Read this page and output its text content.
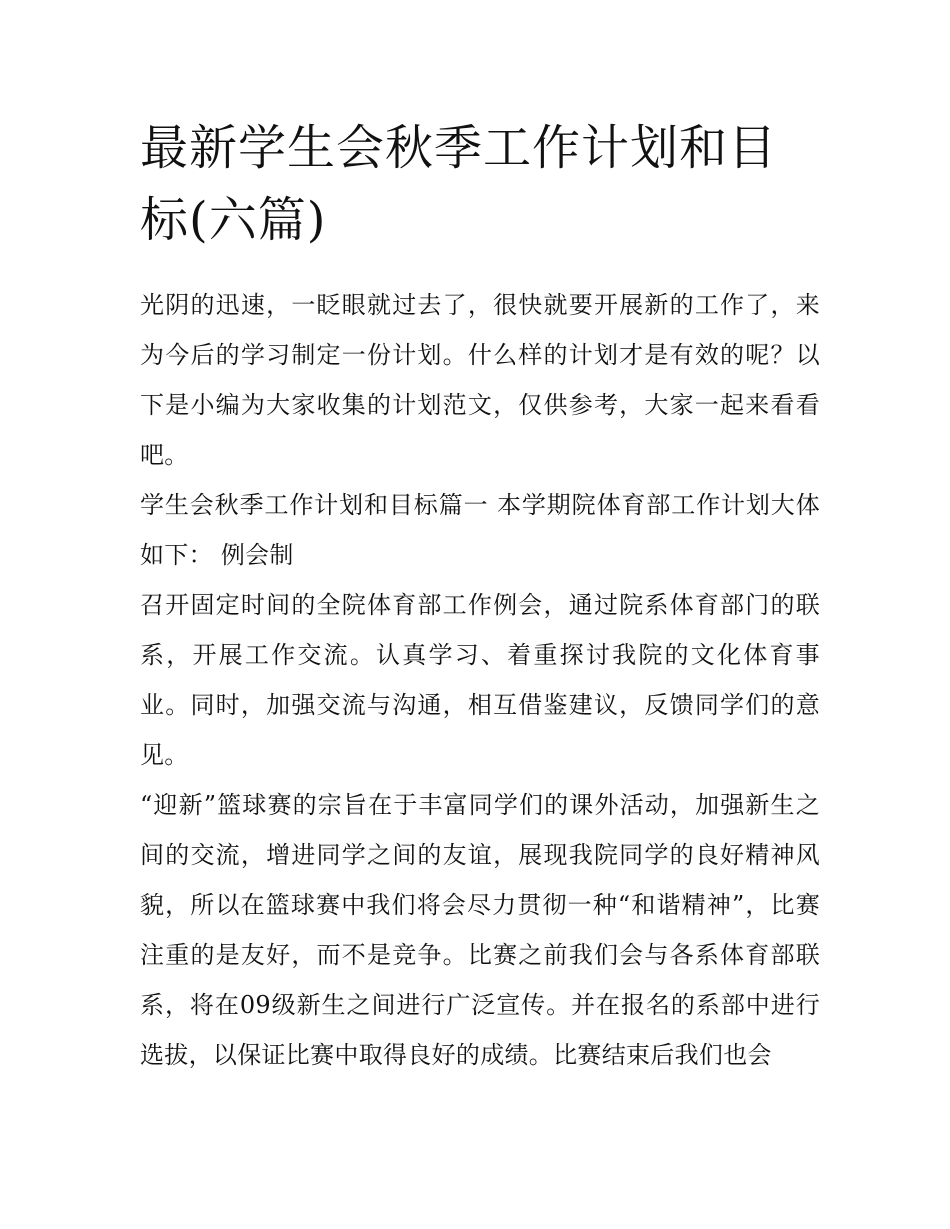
最新学生会秋季工作计划和目标(六篇)

光阴的迅速，一眨眼就过去了，很快就要开展新的工作了，来为今后的学习制定一份计划。什么样的计划才是有效的呢？以下是小编为大家收集的计划范文，仅供参考，大家一起来看看吧。

学生会秋季工作计划和目标篇一 本学期院体育部工作计划大体如下： 例会制

召开固定时间的全院体育部工作例会，通过院系体育部门的联系，开展工作交流。认真学习、着重探讨我院的文化体育事业。同时，加强交流与沟通，相互借鉴建议，反馈同学们的意见。

“迎新”篮球赛的宗旨在于丰富同学们的课外活动，加强新生之间的交流，增进同学之间的友谊，展现我院同学的良好精神风貌，所以在篮球赛中我们将会尽力贯彻一种“和谐精神”，比赛注重的是友好，而不是竞争。比赛之前我们会与各系体育部联系，将在09级新生之间进行广泛宣传。并在报名的系部中进行选拔，以保证比赛中取得良好的成绩。比赛结束后我们也会
